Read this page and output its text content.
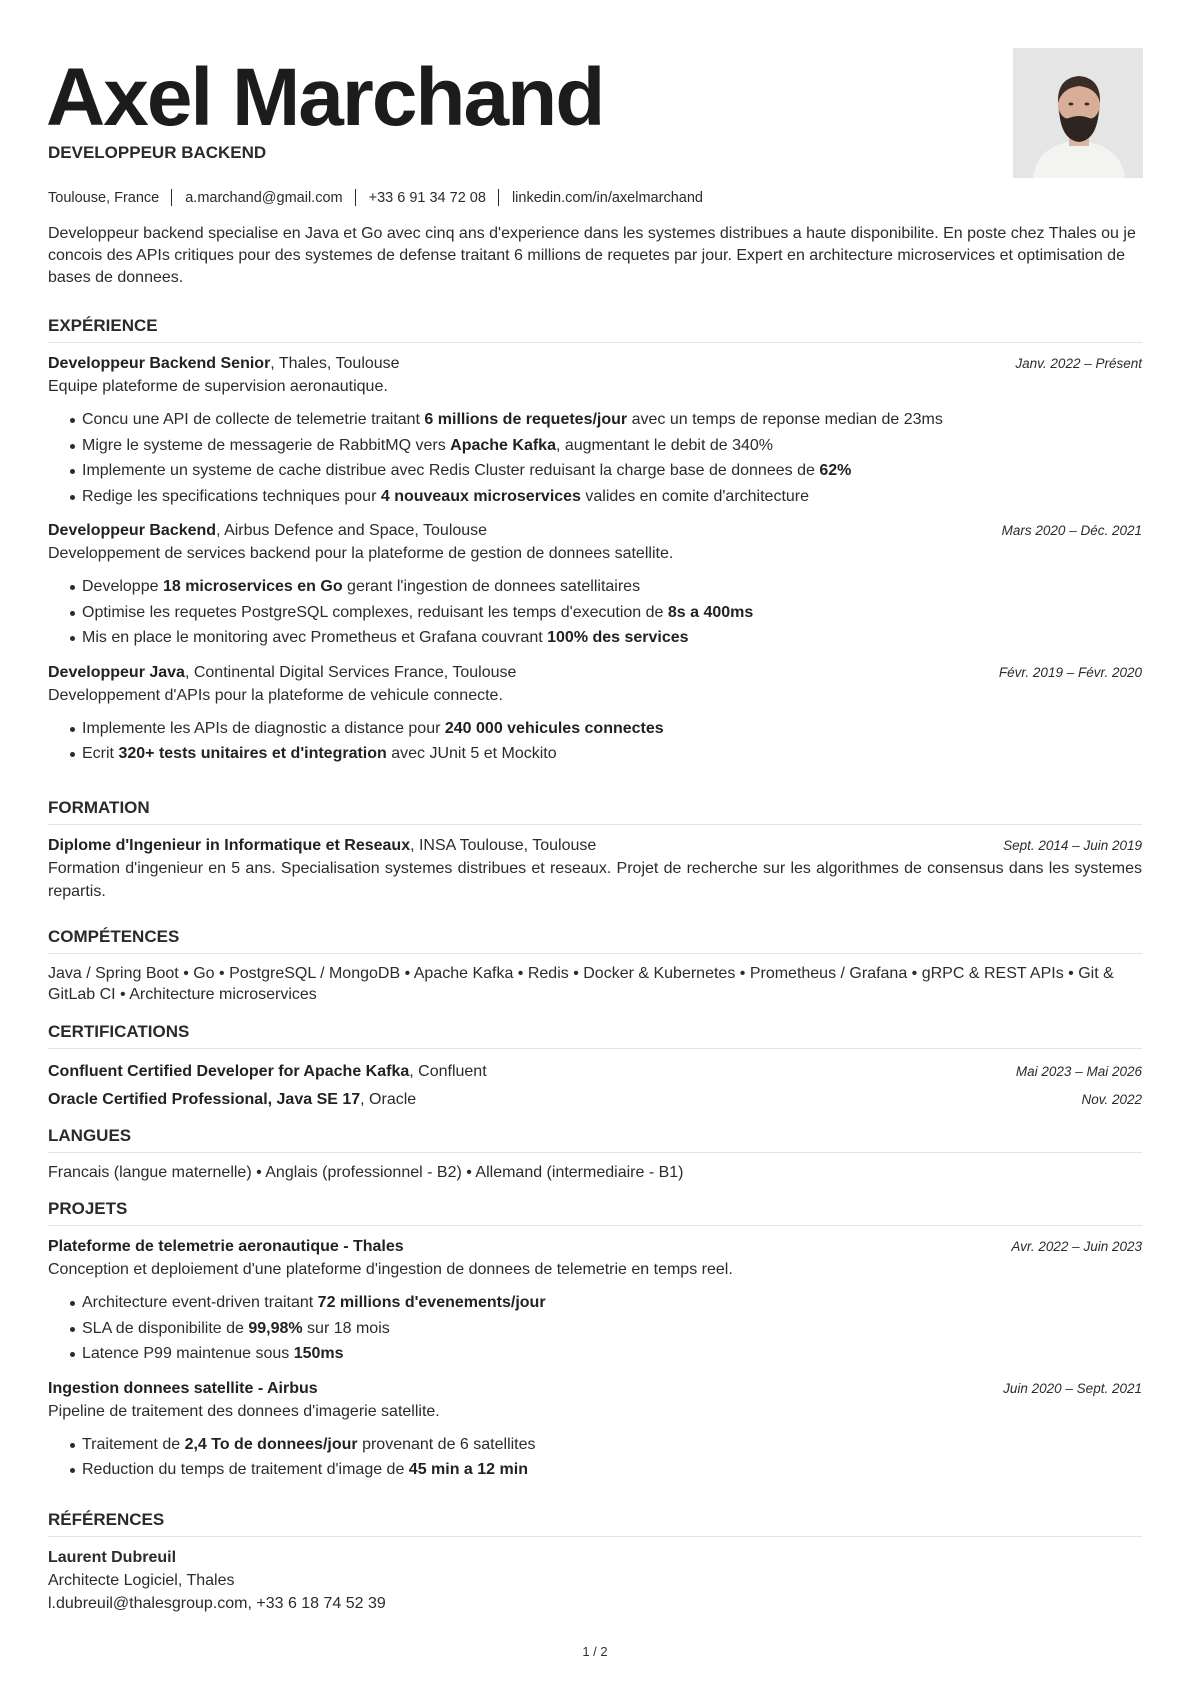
Axel Marchand
DEVELOPPEUR BACKEND
Toulouse, France a.marchand@gmail.com +33 6 91 34 72 08 linkedin.com/in/axelmarchand
Developpeur backend specialise en Java et Go avec cinq ans d'experience dans les systemes distribues a haute disponibilite. En poste chez Thales ou je concois des APIs critiques pour des systemes de defense traitant 6 millions de requetes par jour. Expert en architecture microservices et optimisation de bases de donnees.
EXPÉRIENCE
Developpeur Backend Senior, Thales, Toulouse	Janv. 2022 – Présent
Equipe plateforme de supervision aeronautique.
Concu une API de collecte de telemetrie traitant 6 millions de requetes/jour avec un temps de reponse median de 23ms
Migre le systeme de messagerie de RabbitMQ vers Apache Kafka, augmentant le debit de 340%
Implemente un systeme de cache distribue avec Redis Cluster reduisant la charge base de donnees de 62%
Redige les specifications techniques pour 4 nouveaux microservices valides en comite d'architecture
Developpeur Backend, Airbus Defence and Space, Toulouse	Mars 2020 – Déc. 2021
Developpement de services backend pour la plateforme de gestion de donnees satellite.
Developpe 18 microservices en Go gerant l'ingestion de donnees satellitaires
Optimise les requetes PostgreSQL complexes, reduisant les temps d'execution de 8s a 400ms
Mis en place le monitoring avec Prometheus et Grafana couvrant 100% des services
Developpeur Java, Continental Digital Services France, Toulouse	Févr. 2019 – Févr. 2020
Developpement d'APIs pour la plateforme de vehicule connecte.
Implemente les APIs de diagnostic a distance pour 240 000 vehicules connectes
Ecrit 320+ tests unitaires et d'integration avec JUnit 5 et Mockito
FORMATION
Diplome d'Ingenieur in Informatique et Reseaux, INSA Toulouse, Toulouse	Sept. 2014 – Juin 2019
Formation d'ingenieur en 5 ans. Specialisation systemes distribues et reseaux. Projet de recherche sur les algorithmes de consensus dans les systemes repartis.
COMPÉTENCES
Java / Spring Boot • Go • PostgreSQL / MongoDB • Apache Kafka • Redis • Docker & Kubernetes • Prometheus / Grafana • gRPC & REST APIs • Git & GitLab CI • Architecture microservices
CERTIFICATIONS
Confluent Certified Developer for Apache Kafka, Confluent	Mai 2023 – Mai 2026
Oracle Certified Professional, Java SE 17, Oracle	Nov. 2022
LANGUES
Francais (langue maternelle) • Anglais (professionnel - B2) • Allemand (intermediaire - B1)
PROJETS
Plateforme de telemetrie aeronautique - Thales	Avr. 2022 – Juin 2023
Conception et deploiement d'une plateforme d'ingestion de donnees de telemetrie en temps reel.
Architecture event-driven traitant 72 millions d'evenements/jour
SLA de disponibilite de 99,98% sur 18 mois
Latence P99 maintenue sous 150ms
Ingestion donnees satellite - Airbus	Juin 2020 – Sept. 2021
Pipeline de traitement des donnees d'imagerie satellite.
Traitement de 2,4 To de donnees/jour provenant de 6 satellites
Reduction du temps de traitement d'image de 45 min a 12 min
RÉFÉRENCES
Laurent Dubreuil
Architecte Logiciel, Thales
l.dubreuil@thalesgroup.com, +33 6 18 74 52 39
1 / 2
